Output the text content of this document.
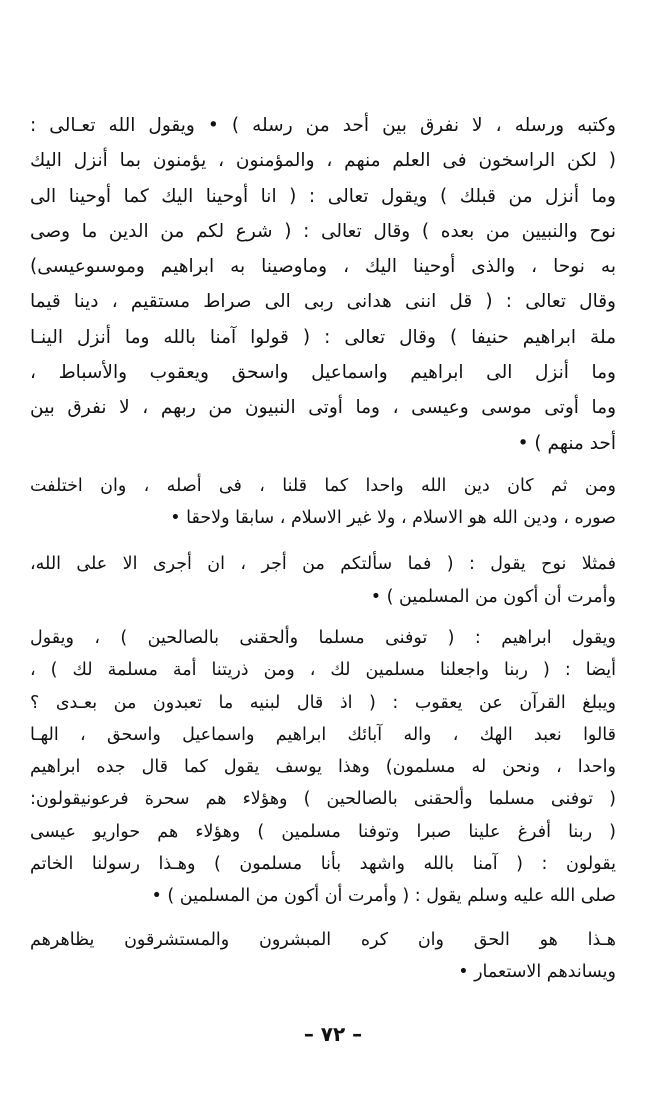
وكتبه ورسله ، لا نفرق بين أحد من رسله ) • ويقول الله تعـالى :
( لكن الراسخون فى العلم منهم ، والمؤمنون ، يؤمنون بما أنزل اليك
وما أنزل من قبلك ) ويقول تعالى : ( انا أوحينا اليك كما أوحينا الى
نوح والنبيين من بعده ) وقال تعالى : ( شرع لكم من الدين ما وصى
به نوحا ، والذى أوحينا اليك ، وماوصينا به ابراهيم وموسىوعيسى)
وقال تعالى : ( قل اننى هدانى ربى الى صراط مستقيم ، دينا قيما
ملة ابراهيم حنيفا ) وقال تعالى : ( قولوا آمنا بالله وما أنزل الينـا
وما أنزل الى ابراهيم واسماعيل واسحق ويعقوب والأسباط ،
وما أوتى موسى وعيسى ، وما أوتى النبيون من ربهم ، لا نفرق بين
أحد منهم ) •
ومن ثم كان دين الله واحدا كما قلنا ، فى أصله ، وان اختلفت
صوره ، ودين الله هو الاسلام ، ولا غير الاسلام ، سابقا ولاحقا •
فمثلا نوح يقول : ( فما سألتكم من أجر ، ان أجرى الا على الله،
وأمرت أن أكون من المسلمين ) •
ويقول ابراهيم : ( توفنى مسلما وألحقنى بالصالحين ) ، ويقول
أيضا : ( ربنا واجعلنا مسلمين لك ، ومن ذريتنا أمة مسلمة لك ) ،
ويبلغ القرآن عن يعقوب : ( اذ قال لبنيه ما تعبدون من بعـدى ؟
قالوا نعبد الهك ، واله آبائك ابراهيم واسماعيل واسحق ، الهـا
واحدا ، ونحن له مسلمون) وهذا يوسف يقول كما قال جده ابراهيم
( توفنى مسلما وألحقنى بالصالحين ) وهؤلاء هم سحرة فرعونيقولون:
( ربنا أفرغ علينا صبرا وتوفنا مسلمين ) وهؤلاء هم حواريو عيسى
يقولون : ( آمنا بالله واشهد بأنا مسلمون ) وهـذا رسولنا الخاتم
صلى الله عليه وسلم يقول : ( وأمرت أن أكون من المسلمين ) •
هـذا هو الحق وان كره المبشرون والمستشرقون يظاهرهم
ويساندهم الاستعمار •
– ٧٢ –
